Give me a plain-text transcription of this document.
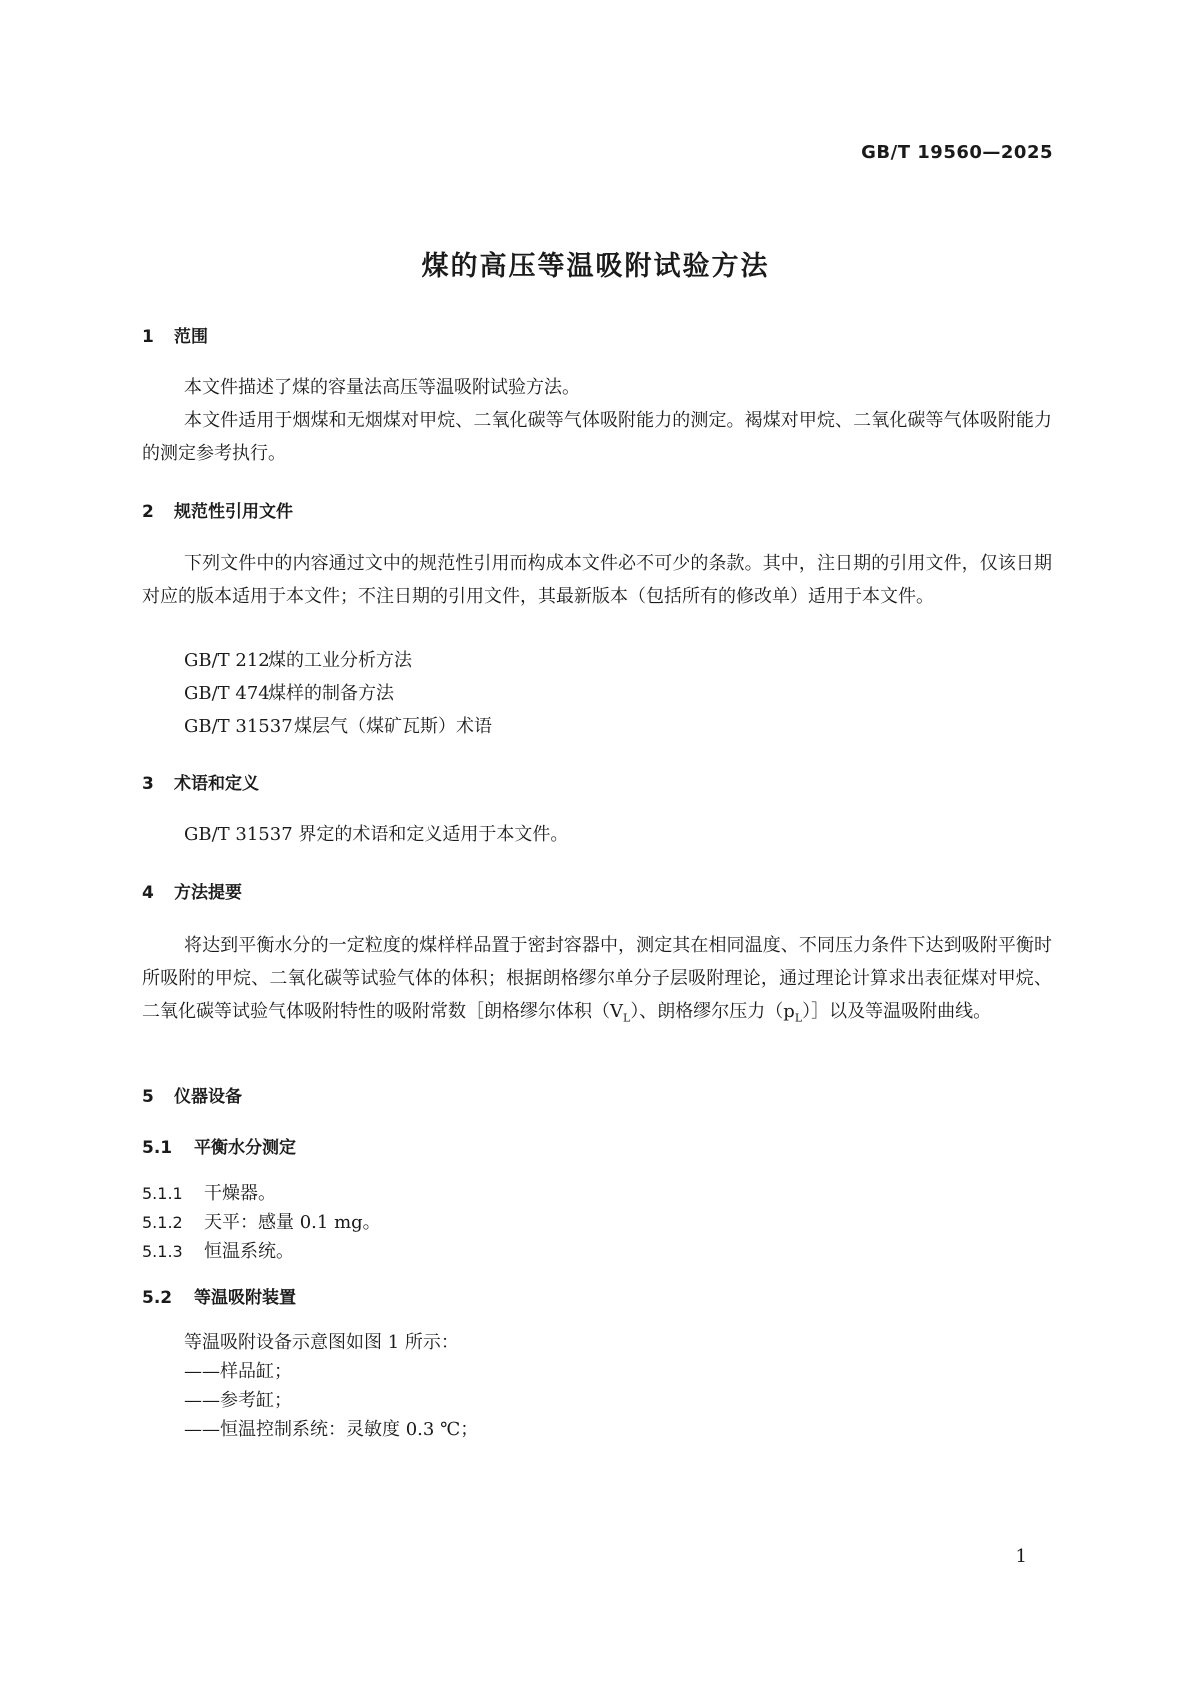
GB/T 19560—2025
煤的高压等温吸附试验方法
1 范围
本文件描述了煤的容量法高压等温吸附试验方法。
本文件适用于烟煤和无烟煤对甲烷、二氧化碳等气体吸附能力的测定。褐煤对甲烷、二氧化碳等气体吸附能力的测定参考执行。
2 规范性引用文件
下列文件中的内容通过文中的规范性引用而构成本文件必不可少的条款。其中，注日期的引用文件，仅该日期对应的版本适用于本文件；不注日期的引用文件，其最新版本（包括所有的修改单）适用于本文件。
GB/T 212煤的工业分析方法
GB/T 474煤样的制备方法
GB/T 31537煤层气（煤矿瓦斯）术语
3 术语和定义
GB/T 31537 界定的术语和定义适用于本文件。
4 方法提要
将达到平衡水分的一定粒度的煤样样品置于密封容器中，测定其在相同温度、不同压力条件下达到吸附平衡时所吸附的甲烷、二氧化碳等试验气体的体积；根据朗格缪尔单分子层吸附理论，通过理论计算求出表征煤对甲烷、二氧化碳等试验气体吸附特性的吸附常数［朗格缪尔体积$(V_L)$、朗格缪尔压力$(p_L)]$以及等温吸附曲线。
5 仪器设备
5.1 平衡水分测定
5.1.1 干燥器。
5.1.2 天平：感量 0.1 mg。
5.1.3 恒温系统。
5.2 等温吸附装置
等温吸附设备示意图如图 1 所示：
——样品缸；
——参考缸；
——恒温控制系统：灵敏度 0.3 ℃；
1
